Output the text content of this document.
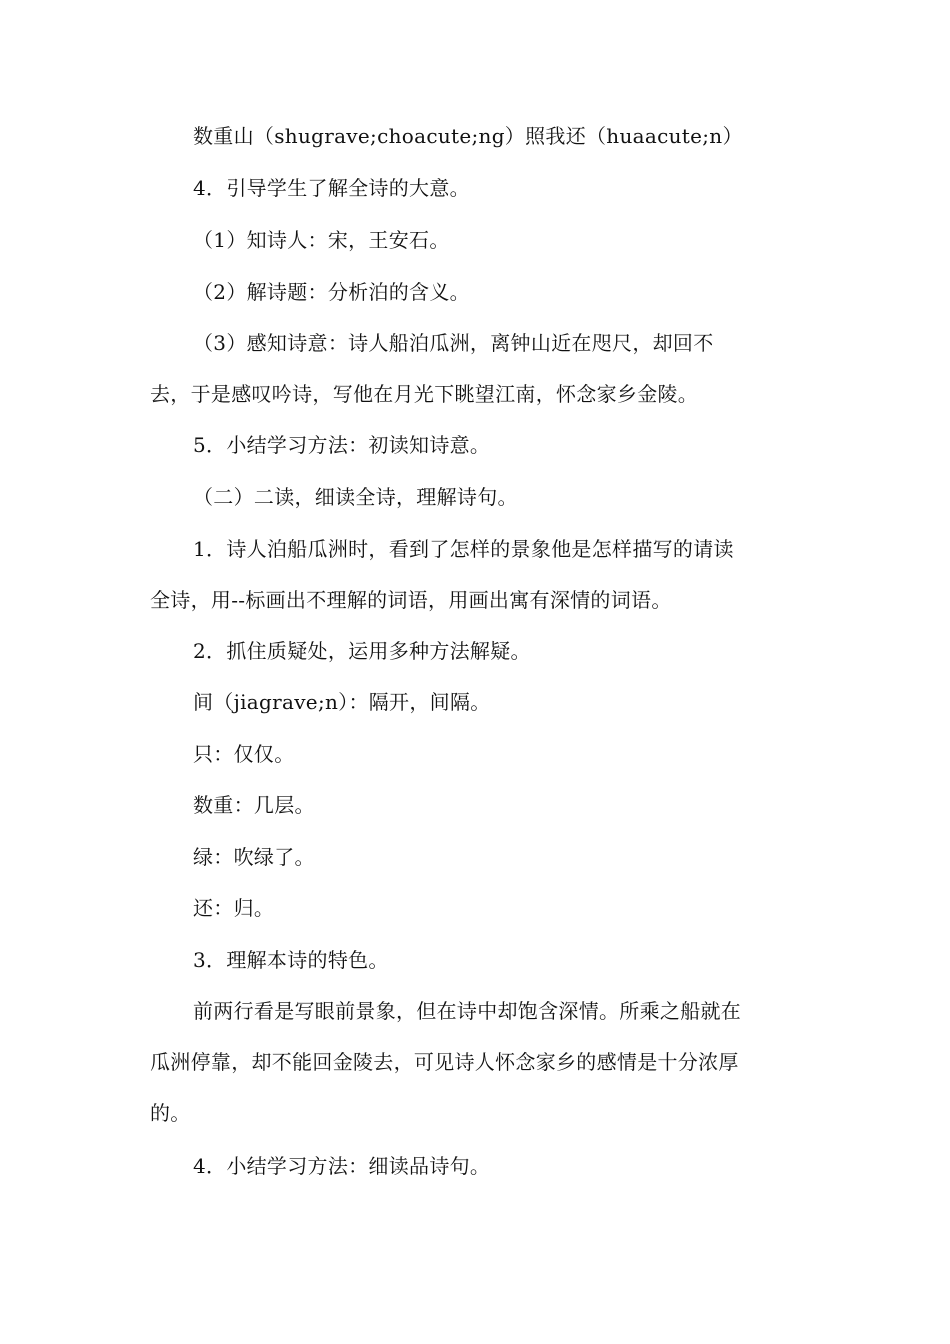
数重山（shugrave;choacute;ng）照我还（huaacute;n）
4．引导学生了解全诗的大意。
（1）知诗人：宋，王安石。
（2）解诗题：分析泊的含义。
（3）感知诗意：诗人船泊瓜洲，离钟山近在咫尺，却回不
去，于是感叹吟诗，写他在月光下眺望江南，怀念家乡金陵。
5．小结学习方法：初读知诗意。
（二）二读，细读全诗，理解诗句。
1．诗人泊船瓜洲时，看到了怎样的景象他是怎样描写的请读
全诗，用--标画出不理解的词语，用画出寓有深情的词语。
2．抓住质疑处，运用多种方法解疑。
间（jiagrave;n）：隔开，间隔。
只：仅仅。
数重：几层。
绿：吹绿了。
还：归。
3．理解本诗的特色。
前两行看是写眼前景象，但在诗中却饱含深情。所乘之船就在
瓜洲停靠，却不能回金陵去，可见诗人怀念家乡的感情是十分浓厚
的。
4．小结学习方法：细读品诗句。
